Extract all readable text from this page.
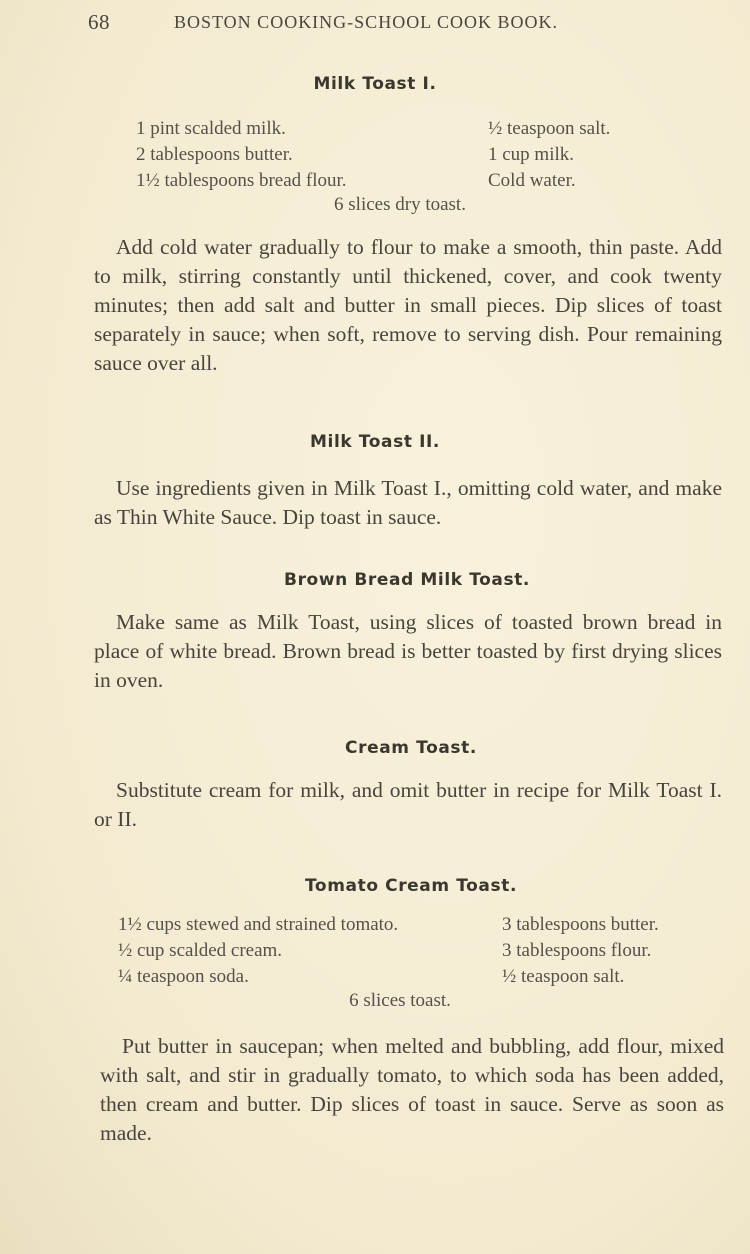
68	BOSTON COOKING-SCHOOL COOK BOOK.
Milk Toast I.
1 pint scalded milk.
2 tablespoons butter.
1½ tablespoons bread flour.
½ teaspoon salt.
1 cup milk.
Cold water.
6 slices dry toast.

Add cold water gradually to flour to make a smooth, thin paste. Add to milk, stirring constantly until thickened, cover, and cook twenty minutes; then add salt and butter in small pieces. Dip slices of toast separately in sauce; when soft, remove to serving dish. Pour remaining sauce over all.

Milk Toast II.

Use ingredients given in Milk Toast I., omitting cold water, and make as Thin White Sauce. Dip toast in sauce.

Brown Bread Milk Toast.

Make same as Milk Toast, using slices of toasted brown bread in place of white bread. Brown bread is better toasted by first drying slices in oven.

Cream Toast.

Substitute cream for milk, and omit butter in recipe for Milk Toast I. or II.

Tomato Cream Toast.
1½ cups stewed and strained tomato.
½ cup scalded cream.
¼ teaspoon soda.
3 tablespoons butter.
3 tablespoons flour.
½ teaspoon salt.
6 slices toast.

Put butter in saucepan; when melted and bubbling, add flour, mixed with salt, and stir in gradually tomato, to which soda has been added, then cream and butter. Dip slices of toast in sauce. Serve as soon as made.
